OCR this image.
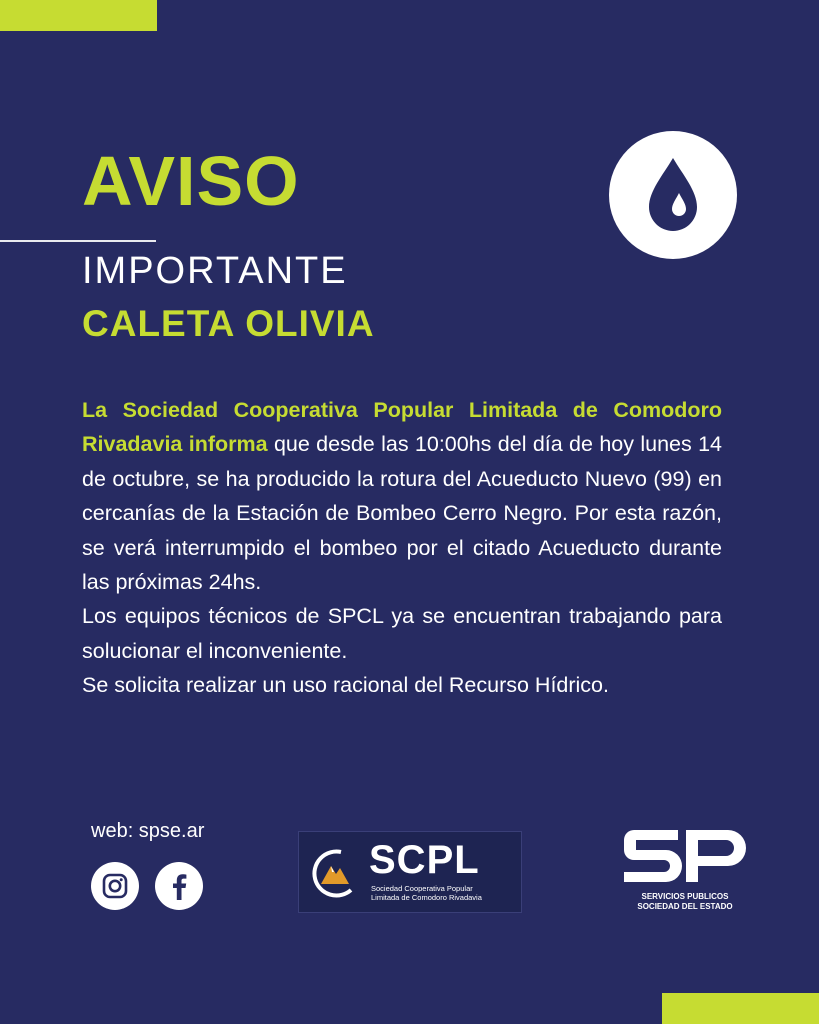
AVISO
IMPORTANTE
CALETA OLIVIA

La Sociedad Cooperativa Popular Limitada de Comodoro Rivadavia informa que desde las 10:00hs del día de hoy lunes 14 de octubre, se ha producido la rotura del Acueducto Nuevo (99) en cercanías de la Estación de Bombeo Cerro Negro. Por esta razón, se verá interrumpido el bombeo por el citado Acueducto durante las próximas 24hs.

Los equipos técnicos de SPCL ya se encuentran trabajando para solucionar el inconveniente.

Se solicita realizar un uso racional del Recurso Hídrico.

web: spse.ar
SCPL
Sociedad Cooperativa Popular
Limitada de Comodoro Rivadavia	SERVICIOS PUBLICOS
SOCIEDAD DEL ESTADO
